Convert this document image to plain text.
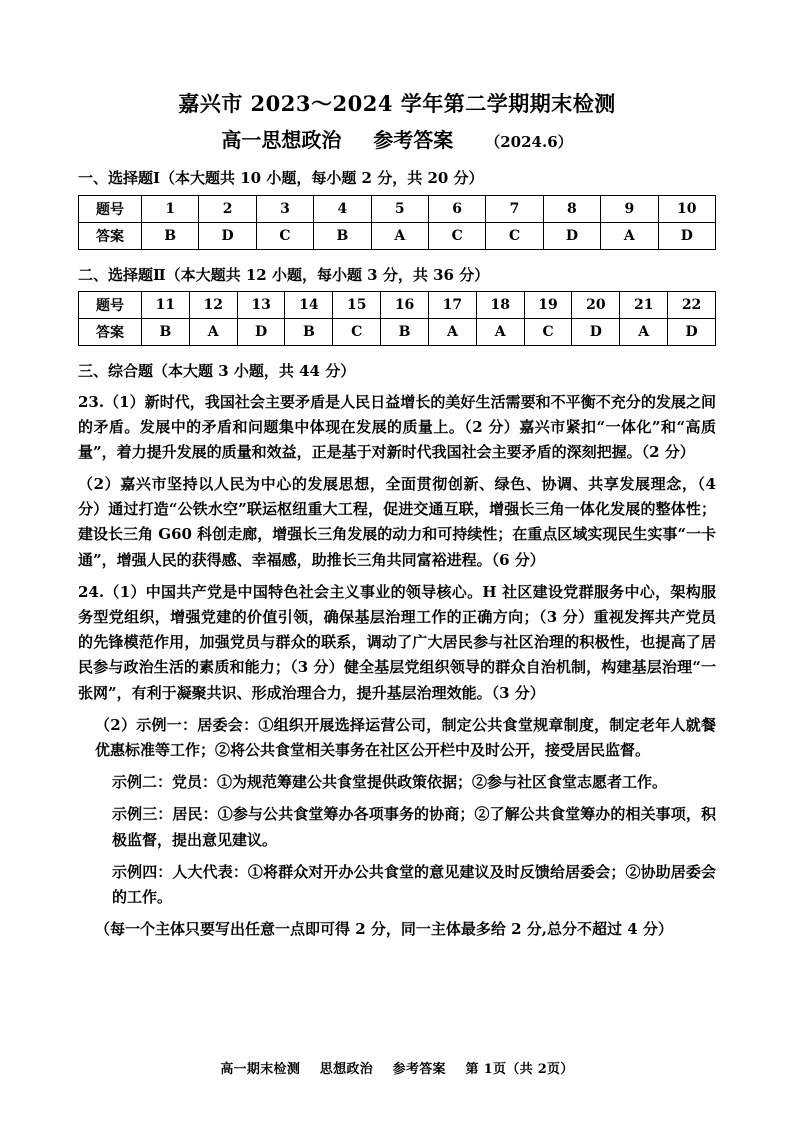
嘉兴市 2023～2024 学年第二学期期末检测
高一思想政治 参考答案 （2024.6）
一、选择题Ⅰ（本大题共 10 小题，每小题 2 分，共 20 分）
题号	1	2	3	4	5	6	7	8	9	10
答案	B	D	C	B	A	C	C	D	A	D
二、选择题Ⅱ（本大题共 12 小题，每小题 3 分，共 36 分）
题号	11	12	13	14	15	16	17	18	19	20	21	22
答案	B	A	D	B	C	B	A	A	C	D	A	D
三、综合题（本大题 3 小题，共 44 分）
23.（1）新时代，我国社会主要矛盾是人民日益增长的美好生活需要和不平衡不充分的发展之间的矛盾。发展中的矛盾和问题集中体现在发展的质量上。（2 分）嘉兴市紧扣“一体化”和“高质量”，着力提升发展的质量和效益，正是基于对新时代我国社会主要矛盾的深刻把握。（2 分）
（2）嘉兴市坚持以人民为中心的发展思想，全面贯彻创新、绿色、协调、共享发展理念，（4 分）通过打造“公铁水空”联运枢纽重大工程，促进交通互联，增强长三角一体化发展的整体性；建设长三角 G60 科创走廊，增强长三角发展的动力和可持续性；在重点区域实现民生实事“一卡通”，增强人民的获得感、幸福感，助推长三角共同富裕进程。（6 分）
24.（1）中国共产党是中国特色社会主义事业的领导核心。H 社区建设党群服务中心，架构服务型党组织，增强党建的价值引领，确保基层治理工作的正确方向；（3 分）重视发挥共产党员的先锋模范作用，加强党员与群众的联系，调动了广大居民参与社区治理的积极性，也提高了居民参与政治生活的素质和能力；（3 分）健全基层党组织领导的群众自治机制，构建基层治理“一张网”，有利于凝聚共识、形成治理合力，提升基层治理效能。（3 分）
（2）示例一：居委会：①组织开展选择运营公司，制定公共食堂规章制度，制定老年人就餐优惠标准等工作；②将公共食堂相关事务在社区公开栏中及时公开，接受居民监督。
示例二：党员：①为规范筹建公共食堂提供政策依据；②参与社区食堂志愿者工作。
示例三：居民：①参与公共食堂筹办各项事务的协商；②了解公共食堂筹办的相关事项，积极监督，提出意见建议。
示例四：人大代表：①将群众对开办公共食堂的意见建议及时反馈给居委会；②协助居委会的工作。
（每一个主体只要写出任意一点即可得 2 分，同一主体最多给 2 分,总分不超过 4 分）
高一期末检测 思想政治 参考答案 第 1页（共 2页）
